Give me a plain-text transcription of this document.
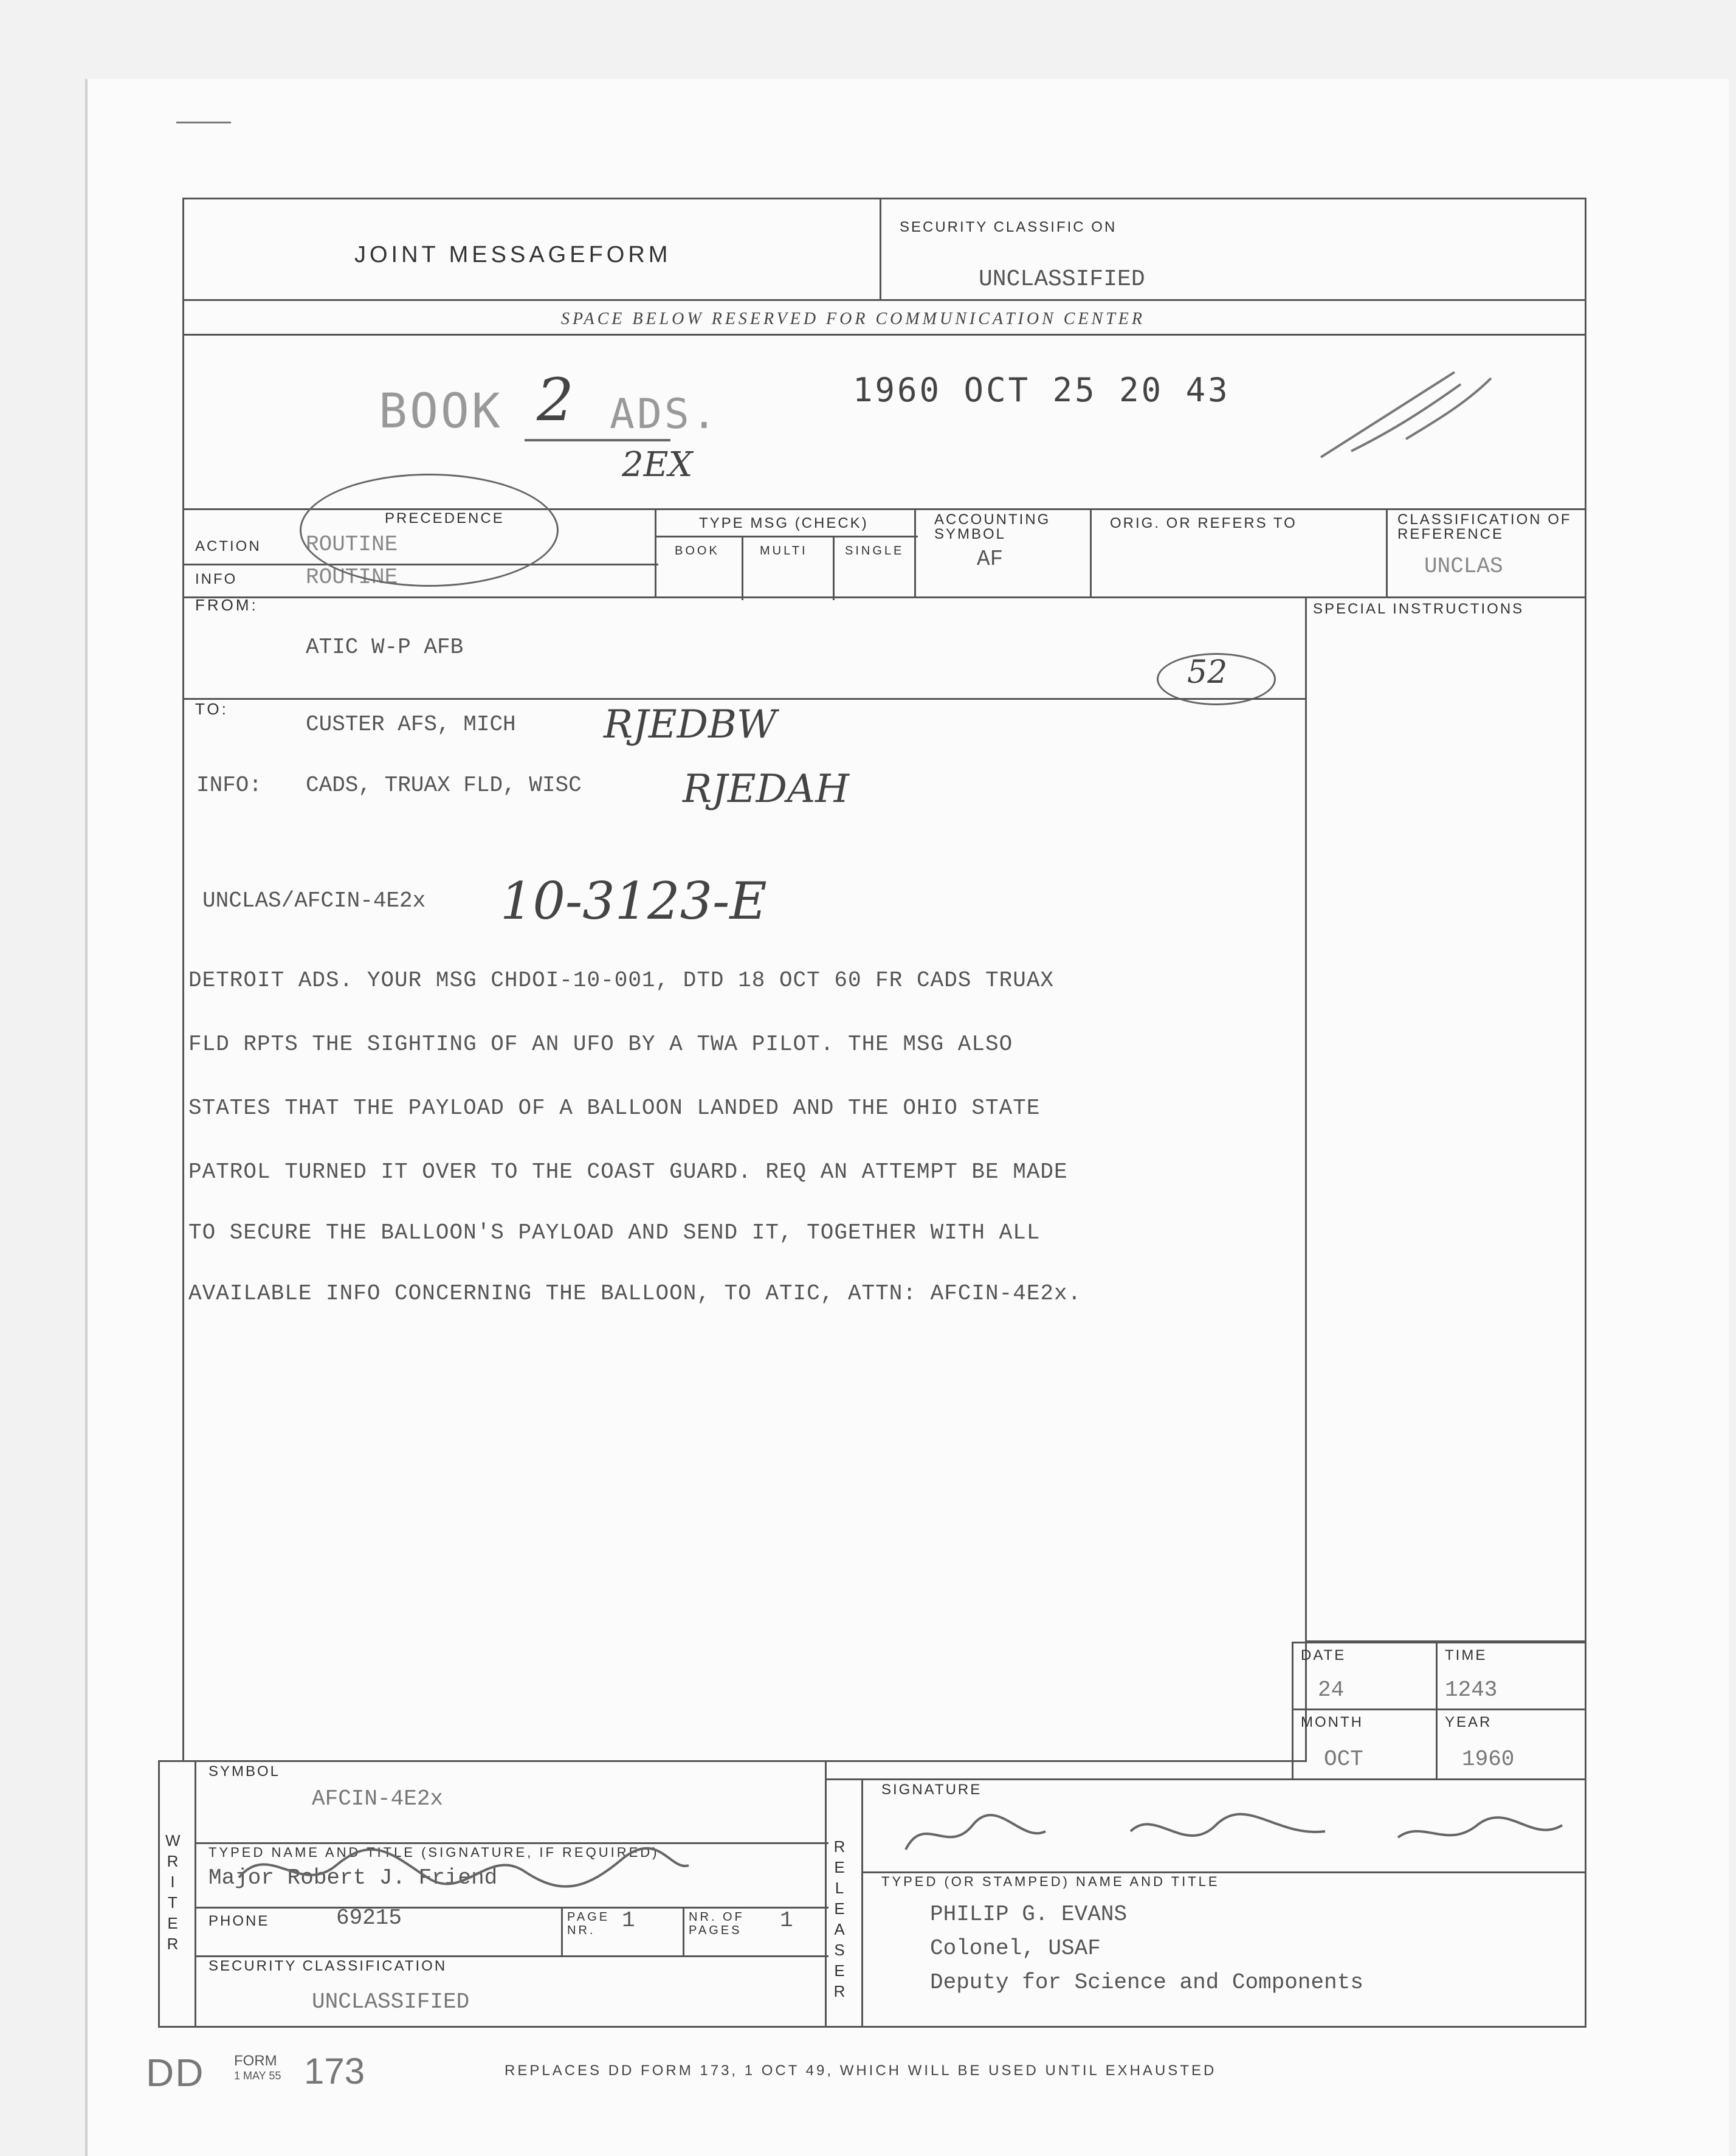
JOINT MESSAGEFORM
SECURITY CLASSIFIC ON
UNCLASSIFIED
SPACE BELOW RESERVED FOR COMMUNICATION CENTER
BOOK 2 ADS.
2EX
1960 OCT 25 20 43
PRECEDENCE
ACTION ROUTINE
INFO	ROUTINE
TYPE MSG (CHECK)
BOOK	MULTI	SINGLE
ACCOUNTING SYMBOL
AF
ORIG. OR REFERS TO	CLASSIFICATION OF REFERENCE
UNCLAS
FROM:
ATIC W-P AFB
52
SPECIAL INSTRUCTIONS
TO:
CUSTER AFS, MICH RJEDBW
INFO: CADS, TRUAX FLD, WISC	RJEDAH
UNCLAS/AFCIN-4E2x 10-3123-E
DETROIT ADS. YOUR MSG CHDOI-10-001, DTD 18 OCT 60 FR CADS TRUAX
FLD RPTS THE SIGHTING OF AN UFO BY A TWA PILOT. THE MSG ALSO
STATES THAT THE PAYLOAD OF A BALLOON LANDED AND THE OHIO STATE
PATROL TURNED IT OVER TO THE COAST GUARD. REQ AN ATTEMPT BE MADE
TO SECURE THE BALLOON'S PAYLOAD AND SEND IT, TOGETHER WITH ALL
AVAILABLE INFO CONCERNING THE BALLOON, TO ATIC, ATTN: AFCIN-4E2x.
DATE
24
TIME
1243
MONTH
OCT
YEAR
1960
SYMBOL
AFCIN-4E2x
TYPED NAME AND TITLE (SIGNATURE, IF REQUIRED)
Major Robert J. Friend
PHONE	69215	PAGE NR.	1	NR. OF PAGES	1
SECURITY CLASSIFICATION
UNCLASSIFIED
W
R
I
T
E
R
SIGNATURE
TYPED (OR STAMPED) NAME AND TITLE
PHILIP G. EVANS
Colonel, USAF
Deputy for Science and Components
R
E
L
E
A
S
E
R
DD FORM
1 MAY 55 173	REPLACES DD FORM 173, 1 OCT 49, WHICH WILL BE USED UNTIL EXHAUSTED
